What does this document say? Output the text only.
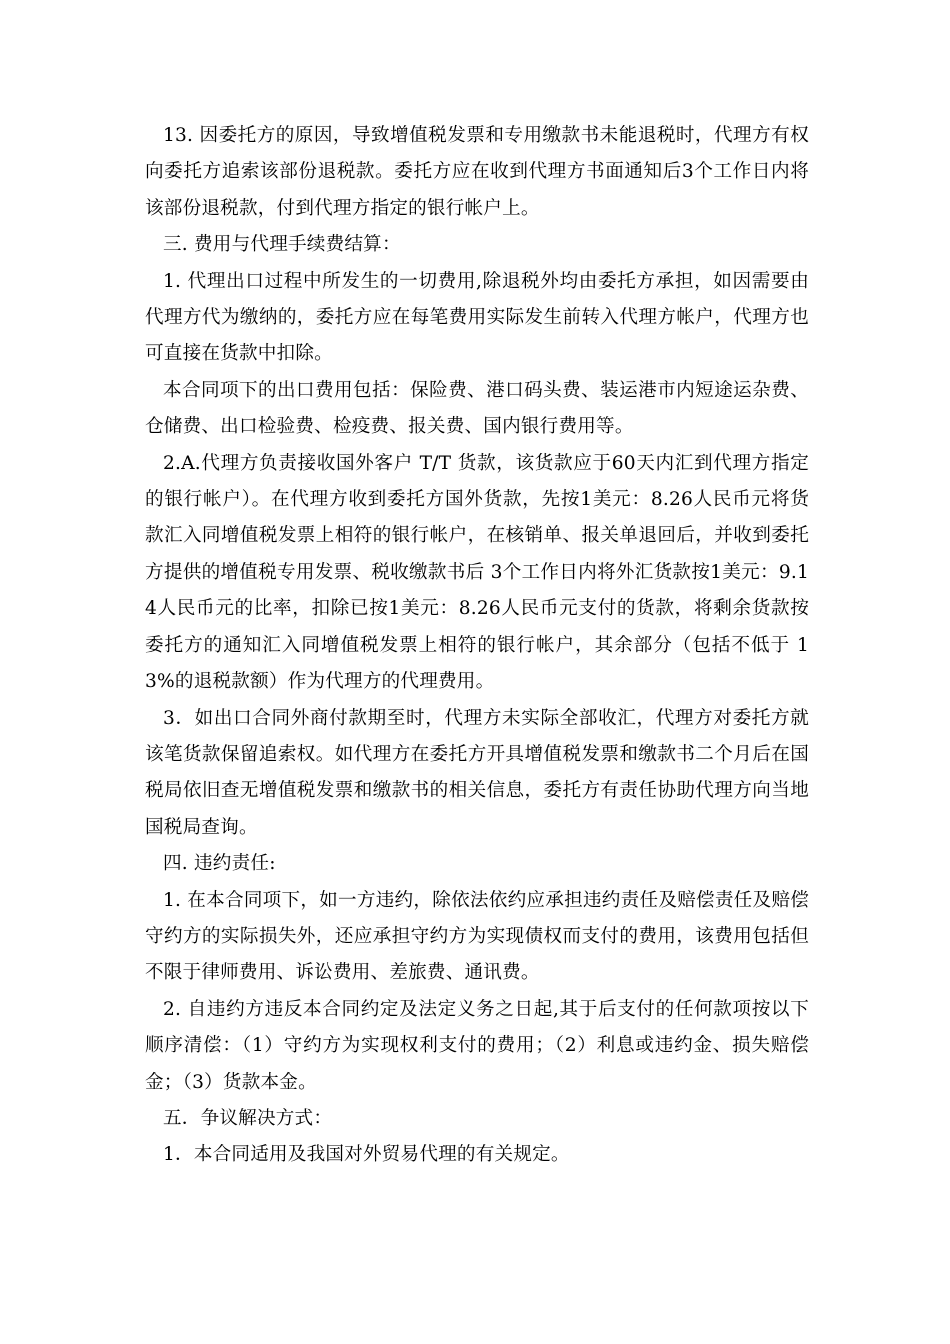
13. 因委托方的原因，导致增值税发票和专用缴款书未能退税时，代理方有权向委托方追索该部份退税款。委托方应在收到代理方书面通知后3个工作日内将该部份退税款，付到代理方指定的银行帐户上。

三. 费用与代理手续费结算：

1. 代理出口过程中所发生的一切费用,除退税外均由委托方承担，如因需要由代理方代为缴纳的，委托方应在每笔费用实际发生前转入代理方帐户，代理方也可直接在货款中扣除。

本合同项下的出口费用包括：保险费、港口码头费、装运港市内短途运杂费、仓储费、出口检验费、检疫费、报关费、国内银行费用等。

2.A.代理方负责接收国外客户 T/T 货款，该货款应于60天内汇到代理方指定的银行帐户）。在代理方收到委托方国外货款，先按1美元：8.26人民币元将货款汇入同增值税发票上相符的银行帐户，在核销单、报关单退回后，并收到委托方提供的增值税专用发票、税收缴款书后 3个工作日内将外汇货款按1美元：9.14人民币元的比率，扣除已按1美元：8.26人民币元支付的货款，将剩余货款按委托方的通知汇入同增值税发票上相符的银行帐户，其余部分（包括不低于 13%的退税款额）作为代理方的代理费用。

3．如出口合同外商付款期至时，代理方未实际全部收汇，代理方对委托方就该笔货款保留追索权。如代理方在委托方开具增值税发票和缴款书二个月后在国税局依旧查无增值税发票和缴款书的相关信息，委托方有责任协助代理方向当地国税局查询。

四. 违约责任:

1. 在本合同项下，如一方违约，除依法依约应承担违约责任及赔偿责任及赔偿守约方的实际损失外，还应承担守约方为实现债权而支付的费用，该费用包括但不限于律师费用、诉讼费用、差旅费、通讯费。

2. 自违约方违反本合同约定及法定义务之日起,其于后支付的任何款项按以下顺序清偿：（1）守约方为实现权利支付的费用；（2）利息或违约金、损失赔偿金；（3）货款本金。

五．争议解决方式：

1．本合同适用及我国对外贸易代理的有关规定。
